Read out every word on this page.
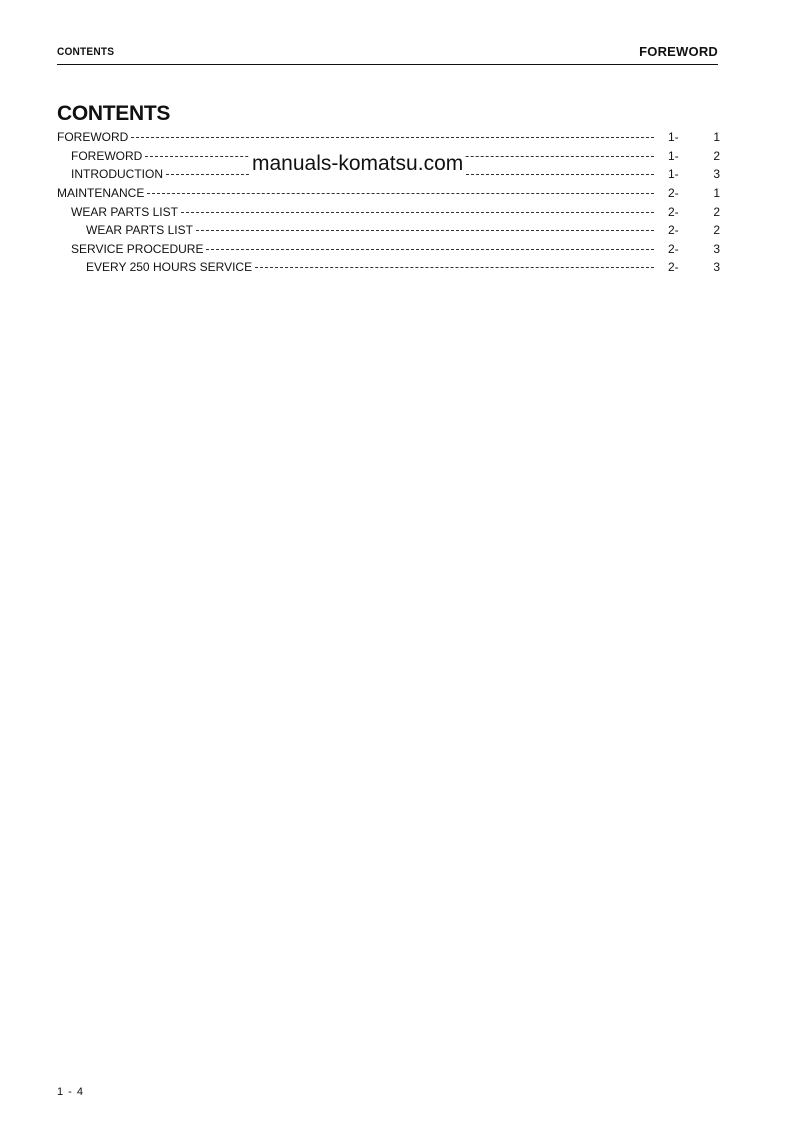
CONTENTS	FOREWORD
CONTENTS
FOREWORD	1-	1
FOREWORD	1-	2
INTRODUCTION	1-	3
MAINTENANCE	2-	1
WEAR PARTS LIST	2-	2
WEAR PARTS LIST	2-	2
SERVICE PROCEDURE	2-	3
EVERY 250 HOURS SERVICE	2-	3
manuals-komatsu.com
1 - 4
